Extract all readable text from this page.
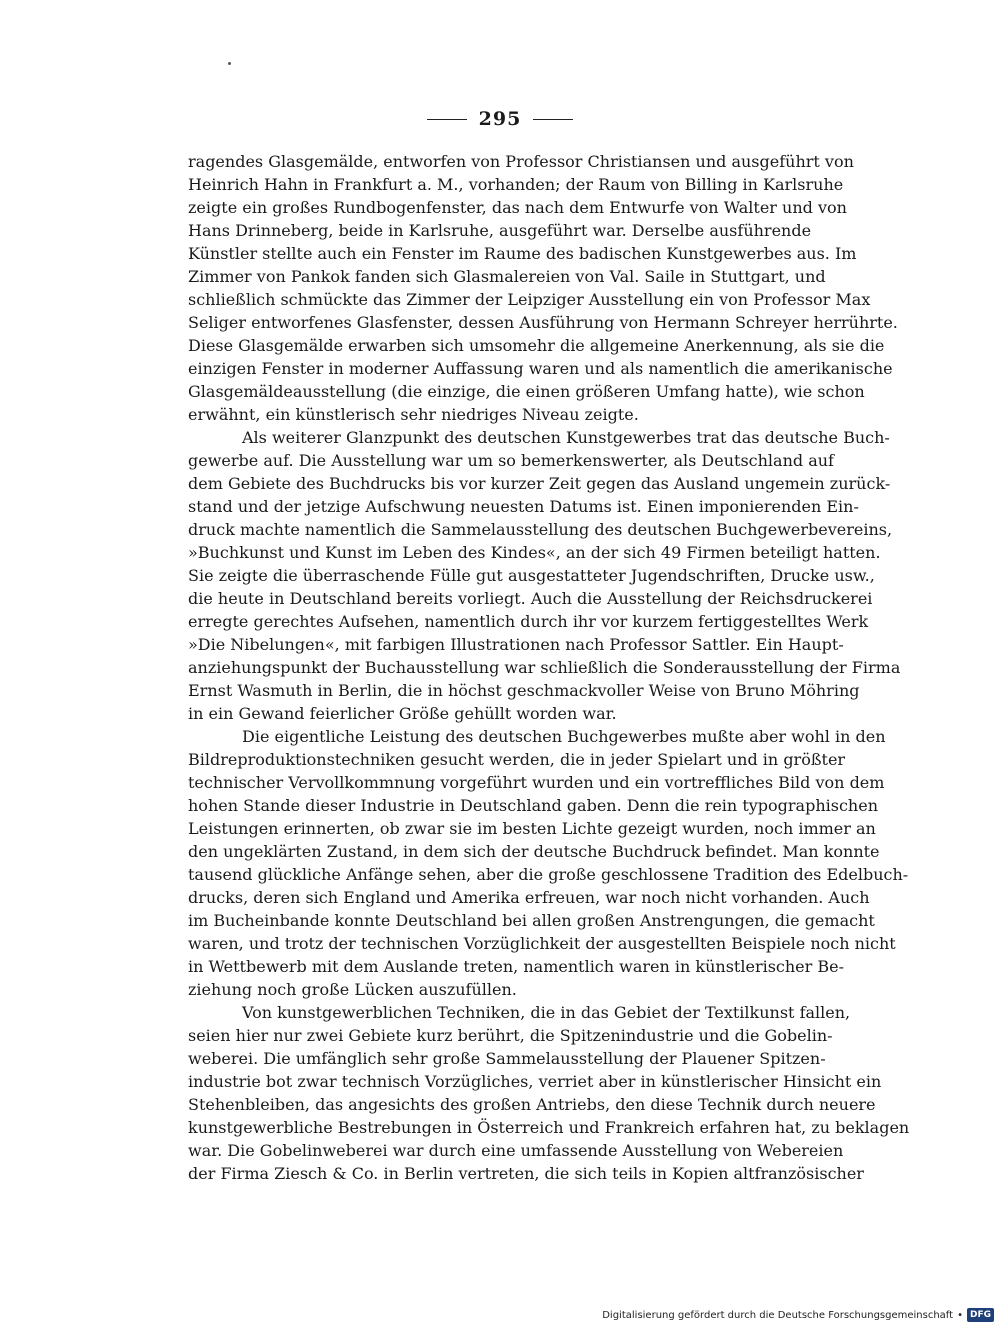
295
ragendes Glasgemälde, entworfen von Professor Christiansen und ausgeführt von
Heinrich Hahn in Frankfurt a. M., vorhanden; der Raum von Billing in Karlsruhe
zeigte ein großes Rundbogenfenster, das nach dem Entwurfe von Walter und von
Hans Drinneberg, beide in Karlsruhe, ausgeführt war. Derselbe ausführende
Künstler stellte auch ein Fenster im Raume des badischen Kunstgewerbes aus. Im
Zimmer von Pankok fanden sich Glasmalereien von Val. Saile in Stuttgart, und
schließlich schmückte das Zimmer der Leipziger Ausstellung ein von Professor Max
Seliger entworfenes Glasfenster, dessen Ausführung von Hermann Schreyer herrührte.
Diese Glasgemälde erwarben sich umsomehr die allgemeine Anerkennung, als sie die
einzigen Fenster in moderner Auffassung waren und als namentlich die amerikanische
Glasgemäldeausstellung (die einzige, die einen größeren Umfang hatte), wie schon
erwähnt, ein künstlerisch sehr niedriges Niveau zeigte.
Als weiterer Glanzpunkt des deutschen Kunstgewerbes trat das deutsche Buch-
gewerbe auf. Die Ausstellung war um so bemerkenswerter, als Deutschland auf
dem Gebiete des Buchdrucks bis vor kurzer Zeit gegen das Ausland ungemein zurück-
stand und der jetzige Aufschwung neuesten Datums ist. Einen imponierenden Ein-
druck machte namentlich die Sammelausstellung des deutschen Buchgewerbevereins,
»Buchkunst und Kunst im Leben des Kindes«, an der sich 49 Firmen beteiligt hatten.
Sie zeigte die überraschende Fülle gut ausgestatteter Jugendschriften, Drucke usw.,
die heute in Deutschland bereits vorliegt. Auch die Ausstellung der Reichsdruckerei
erregte gerechtes Aufsehen, namentlich durch ihr vor kurzem fertiggestelltes Werk
»Die Nibelungen«, mit farbigen Illustrationen nach Professor Sattler. Ein Haupt-
anziehungspunkt der Buchausstellung war schließlich die Sonderausstellung der Firma
Ernst Wasmuth in Berlin, die in höchst geschmackvoller Weise von Bruno Möhring
in ein Gewand feierlicher Größe gehüllt worden war.
Die eigentliche Leistung des deutschen Buchgewerbes mußte aber wohl in den
Bildreproduktionstechniken gesucht werden, die in jeder Spielart und in größter
technischer Vervollkommnung vorgeführt wurden und ein vortreffliches Bild von dem
hohen Stande dieser Industrie in Deutschland gaben. Denn die rein typographischen
Leistungen erinnerten, ob zwar sie im besten Lichte gezeigt wurden, noch immer an
den ungeklärten Zustand, in dem sich der deutsche Buchdruck befindet. Man konnte
tausend glückliche Anfänge sehen, aber die große geschlossene Tradition des Edelbuch-
drucks, deren sich England und Amerika erfreuen, war noch nicht vorhanden. Auch
im Bucheinbande konnte Deutschland bei allen großen Anstrengungen, die gemacht
waren, und trotz der technischen Vorzüglichkeit der ausgestellten Beispiele noch nicht
in Wettbewerb mit dem Auslande treten, namentlich waren in künstlerischer Be-
ziehung noch große Lücken auszufüllen.
Von kunstgewerblichen Techniken, die in das Gebiet der Textilkunst fallen,
seien hier nur zwei Gebiete kurz berührt, die Spitzenindustrie und die Gobelin-
weberei. Die umfänglich sehr große Sammelausstellung der Plauener Spitzen-
industrie bot zwar technisch Vorzügliches, verriet aber in künstlerischer Hinsicht ein
Stehenbleiben, das angesichts des großen Antriebs, den diese Technik durch neuere
kunstgewerbliche Bestrebungen in Österreich und Frankreich erfahren hat, zu beklagen
war. Die Gobelinweberei war durch eine umfassende Ausstellung von Webereien
der Firma Ziesch & Co. in Berlin vertreten, die sich teils in Kopien altfranzösischer
Digitalisierung gefördert durch die Deutsche Forschungsgemeinschaft • DFG
